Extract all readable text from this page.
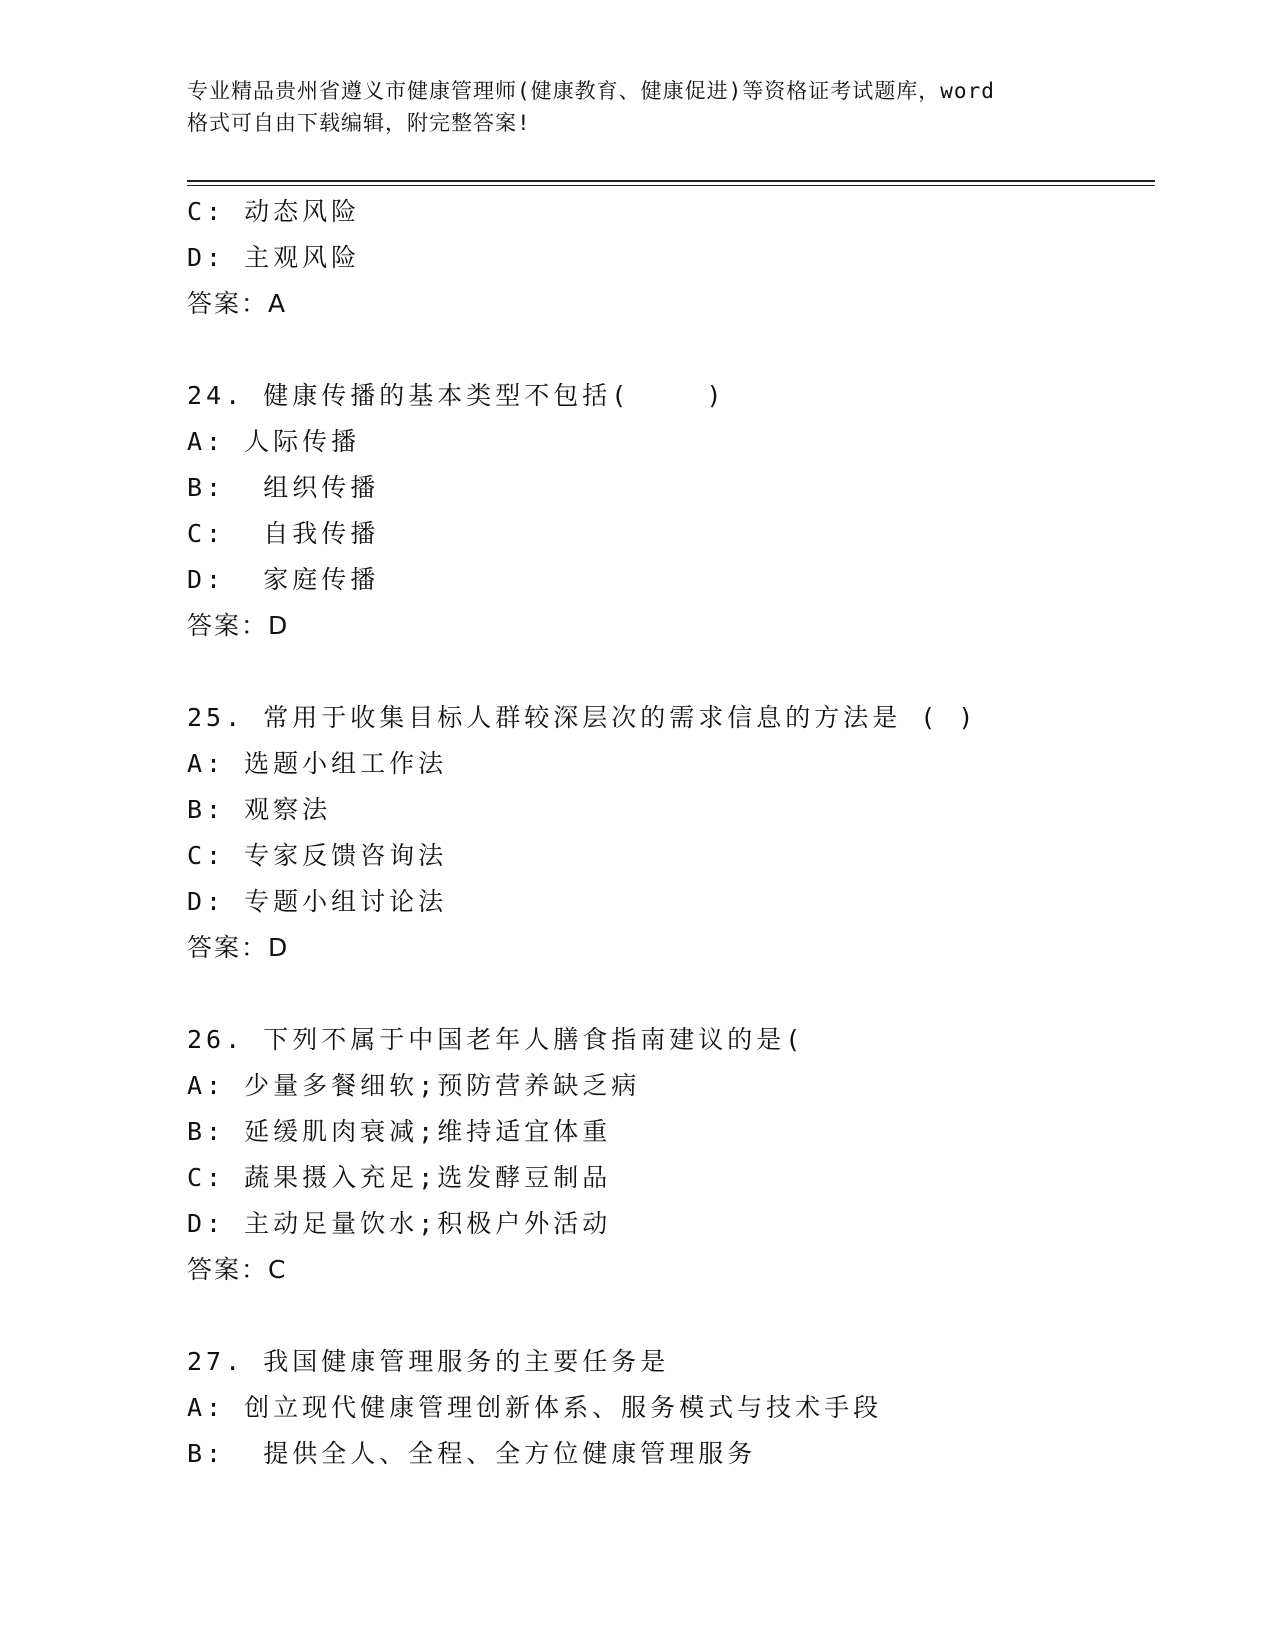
专业精品贵州省遵义市健康管理师(健康教育、健康促进)等资格证考试题库，word
格式可自由下载编辑，附完整答案!
C: 动态风险
D: 主观风险
答案：A
24. 健康传播的基本类型不包括(    )
A: 人际传播
B:  组织传播
C:  自我传播
D:  家庭传播
答案：D
25. 常用于收集目标人群较深层次的需求信息的方法是 ( )
A: 选题小组工作法
B: 观察法
C: 专家反馈咨询法
D: 专题小组讨论法
答案：D
26. 下列不属于中国老年人膳食指南建议的是(
A: 少量多餐细软;预防营养缺乏病
B: 延缓肌肉衰减;维持适宜体重
C: 蔬果摄入充足;选发酵豆制品
D: 主动足量饮水;积极户外活动
答案：C
27. 我国健康管理服务的主要任务是
A: 创立现代健康管理创新体系、服务模式与技术手段
B:  提供全人、全程、全方位健康管理服务
